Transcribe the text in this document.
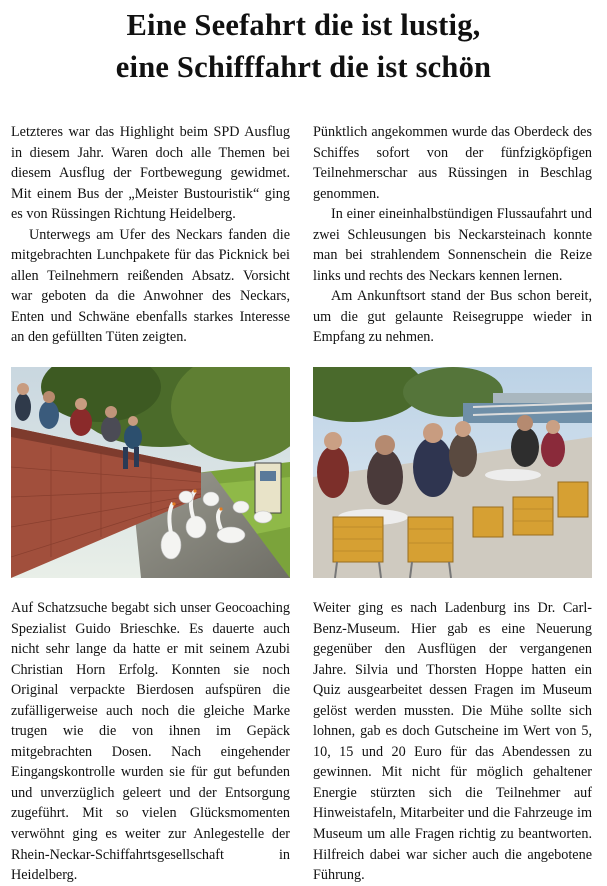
Eine Seefahrt die ist lustig,
eine Schifffahrt die ist schön

Letzteres war das Highlight beim SPD Ausflug in diesem Jahr. Waren doch alle Themen bei diesem Ausflug der Fortbewegung gewidmet. Mit einem Bus der „Meister Bustouristik“ ging es von Rüssingen Richtung Heidelberg.

Unterwegs am Ufer des Neckars fanden die mitgebrachten Lunchpakete für das Picknick bei allen Teilnehmern reißenden Absatz. Vorsicht war geboten da die Anwohner des Neckars, Enten und Schwäne ebenfalls starkes Interesse an den gefüllten Tüten zeigten.

Pünktlich angekommen wurde das Oberdeck des Schiffes sofort von der fünfzigköpfigen Teilnehmerschar aus Rüssingen in Beschlag genommen.

In einer eineinhalbstündigen Flussaufahrt und zwei Schleusungen bis Neckarsteinach konnte man bei strahlendem Sonnenschein die Reize links und rechts des Neckars kennen lernen.

Am Ankunftsort stand der Bus schon bereit, um die gut gelaunte Reisegruppe wieder in Empfang zu nehmen.

Auf Schatzsuche begabt sich unser Geocoaching Spezialist Guido Brieschke. Es dauerte auch nicht sehr lange da hatte er mit seinem Azubi Christian Horn Erfolg. Konnten sie noch Original verpackte Bierdosen aufspüren die zufälligerweise auch noch die gleiche Marke trugen wie die von ihnen im Gepäck mitgebrachten Dosen. Nach eingehender Eingangskontrolle wurden sie für gut befunden und unverzüglich geleert und der Entsorgung zugeführt. Mit so vielen Glücksmomenten verwöhnt ging es weiter zur Anlegestelle der Rhein-Neckar-Schiffahrtsgesellschaft in Heidelberg.

Weiter ging es nach Ladenburg ins Dr. Carl-Benz-Museum. Hier gab es eine Neuerung gegenüber den Ausflügen der vergangenen Jahre. Silvia und Thorsten Hoppe hatten ein Quiz ausgearbeitet dessen Fragen im Museum gelöst werden mussten. Die Mühe sollte sich lohnen, gab es doch Gutscheine im Wert von 5, 10, 15 und 20 Euro für das Abendessen zu gewinnen. Mit nicht für möglich gehaltener Energie stürzten sich die Teilnehmer auf Hinweistafeln, Mitarbeiter und die Fahrzeuge im Museum um alle Fragen richtig zu beantworten. Hilfreich dabei war sicher auch die angebotene Führung.
